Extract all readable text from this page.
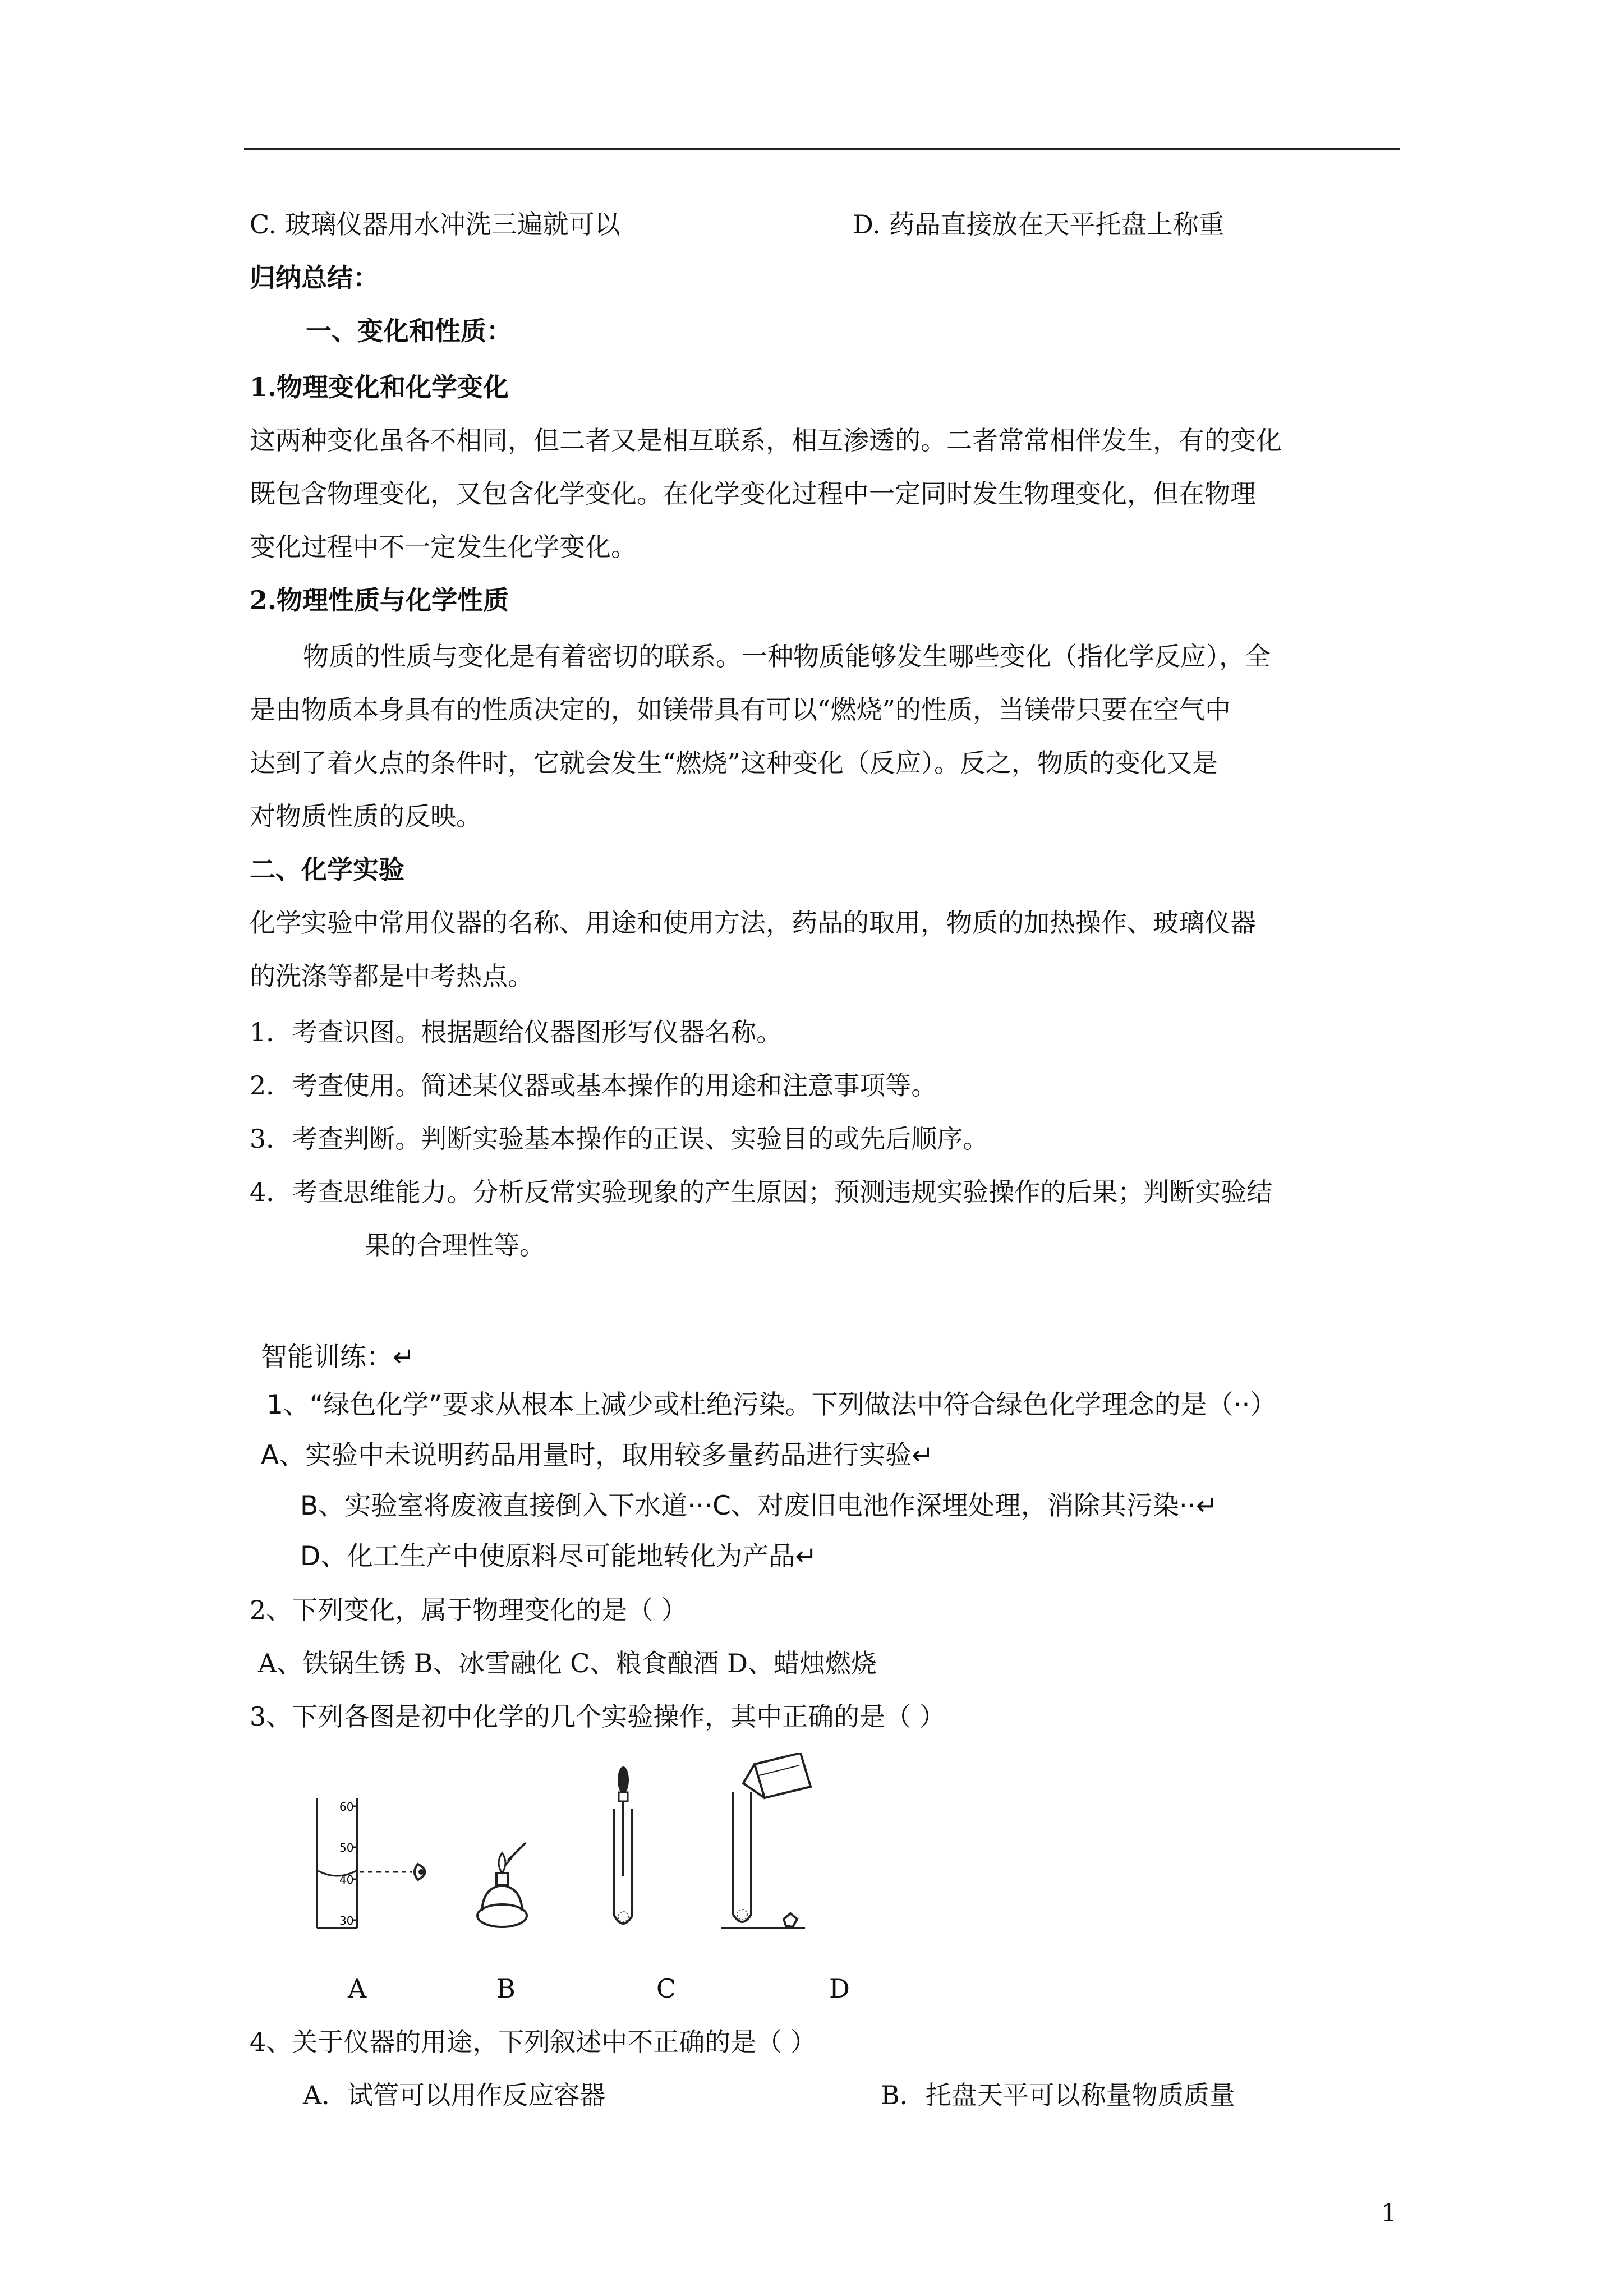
C. 玻璃仪器用水冲洗三遍就可以	D. 药品直接放在天平托盘上称重

归纳总结：

一、变化和性质：

1.物理变化和化学变化

这两种变化虽各不相同，但二者又是相互联系，相互渗透的。二者常常相伴发生，有的变化

既包含物理变化，又包含化学变化。在化学变化过程中一定同时发生物理变化，但在物理

变化过程中不一定发生化学变化。

2.物理性质与化学性质

物质的性质与变化是有着密切的联系。一种物质能够发生哪些变化（指化学反应），全

是由物质本身具有的性质决定的，如镁带具有可以“燃烧”的性质，当镁带只要在空气中

达到了着火点的条件时，它就会发生“燃烧”这种变化（反应）。反之，物质的变化又是

对物质性质的反映。

二、化学实验

化学实验中常用仪器的名称、用途和使用方法，药品的取用，物质的加热操作、玻璃仪器

的洗涤等都是中考热点。

1．考查识图。根据题给仪器图形写仪器名称。

2．考查使用。简述某仪器或基本操作的用途和注意事项等。

3．考查判断。判断实验基本操作的正误、实验目的或先后顺序。

4．考查思维能力。分析反常实验现象的产生原因；预测违规实验操作的后果；判断实验结

果的合理性等。

智能训练：↵

1、“绿色化学”要求从根本上减少或杜绝污染。下列做法中符合绿色化学理念的是（··）

A、实验中未说明药品用量时，取用较多量药品进行实验↵

B、实验室将废液直接倒入下水道···C、对废旧电池作深埋处理，消除其污染··↵

D、化工生产中使原料尽可能地转化为产品↵

2、下列变化，属于物理变化的是（ ）

A、铁锅生锈 B、冰雪融化 C、粮食酿酒 D、蜡烛燃烧

3、下列各图是初中化学的几个实验操作，其中正确的是（ ）

60
50
40
30
A	B	C	D

4、关于仪器的用途，下列叙述中不正确的是（ ）

A．试管可以用作反应容器	B．托盘天平可以称量物质质量

1
